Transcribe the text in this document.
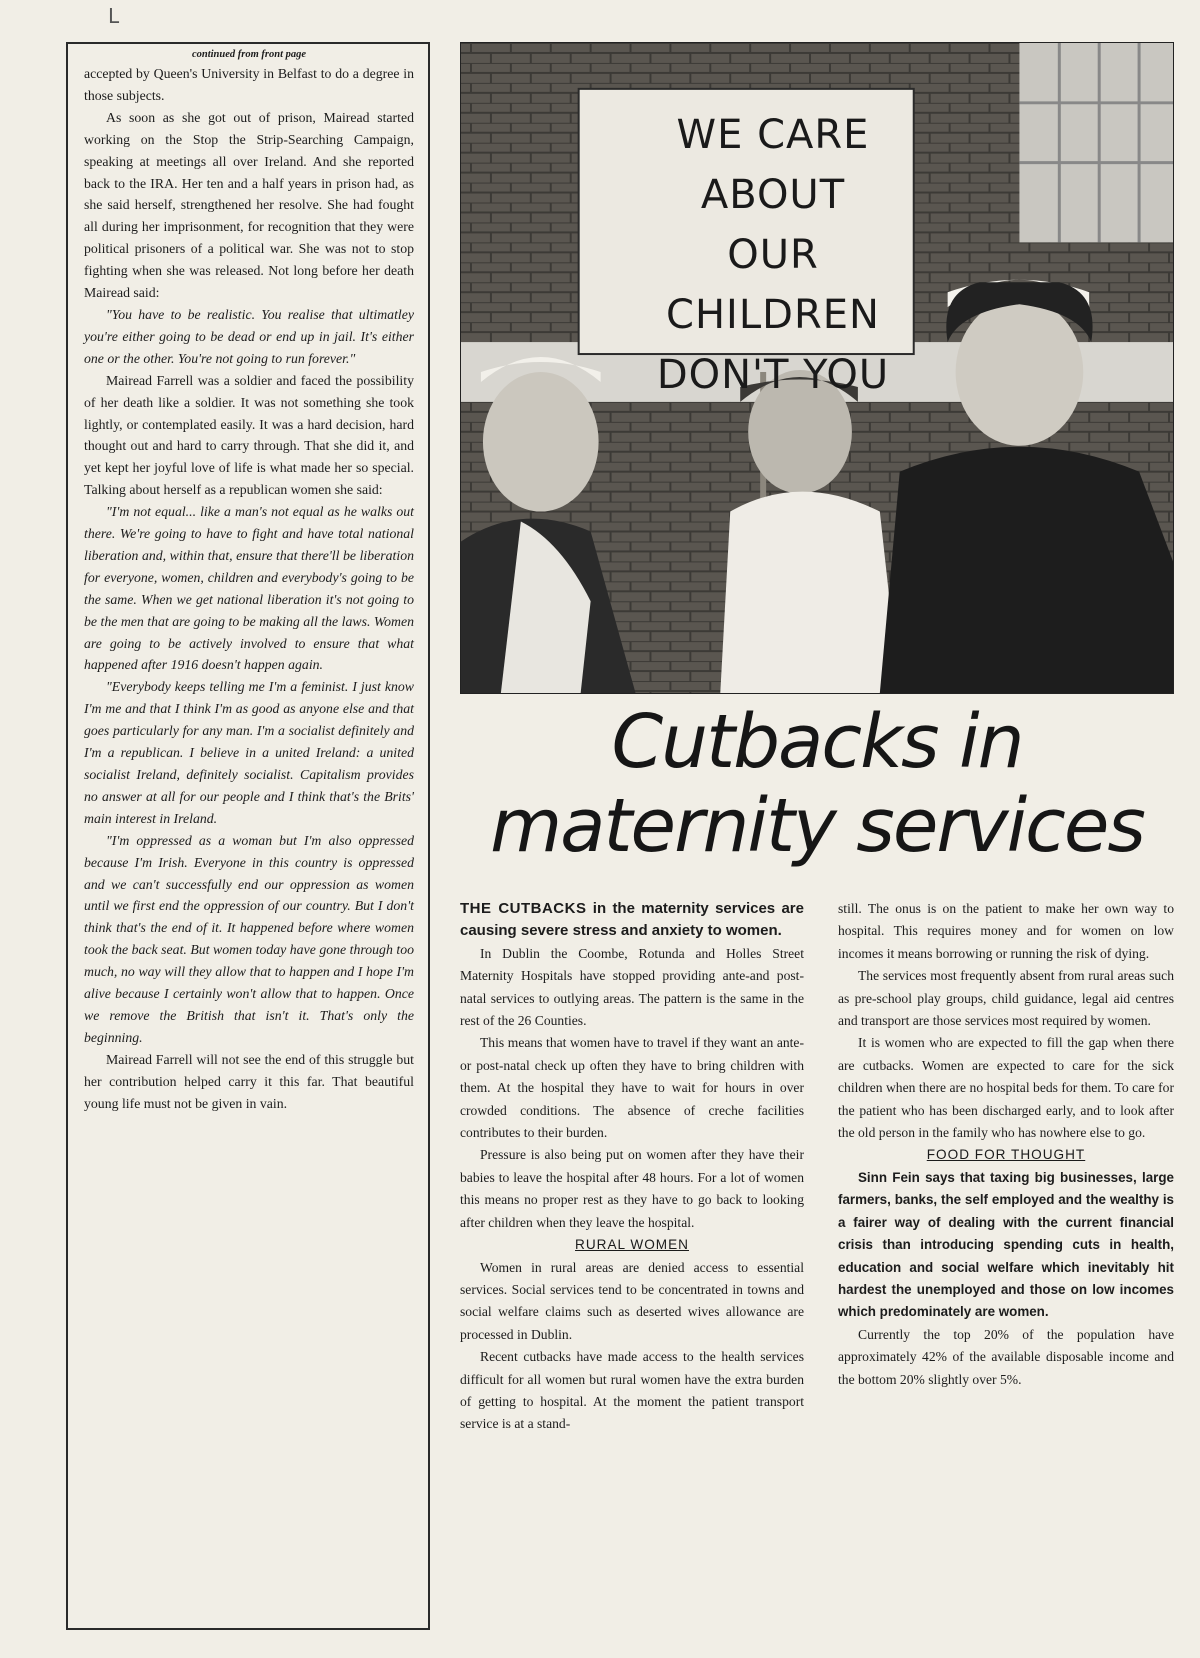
L
continued from front page

accepted by Queen's University in Belfast to do a degree in those subjects.

As soon as she got out of prison, Mairead started working on the Stop the Strip-Searching Campaign, speaking at meetings all over Ireland. And she reported back to the IRA. Her ten and a half years in prison had, as she said herself, strengthened her resolve. She had fought all during her imprisonment, for recognition that they were political prisoners of a political war. She was not to stop fighting when she was released. Not long before her death Mairead said:

"You have to be realistic. You realise that ultimatley you're either going to be dead or end up in jail. It's either one or the other. You're not going to run forever."

Mairead Farrell was a soldier and faced the possibility of her death like a soldier. It was not something she took lightly, or contemplated easily. It was a hard decision, hard thought out and hard to carry through. That she did it, and yet kept her joyful love of life is what made her so special. Talking about herself as a republican women she said:

"I'm not equal... like a man's not equal as he walks out there. We're going to have to fight and have total national liberation and, within that, ensure that there'll be liberation for everyone, women, children and everybody's going to be the same. When we get national liberation it's not going to be the men that are going to be making all the laws. Women are going to be actively involved to ensure that what happened after 1916 doesn't happen again.

"Everybody keeps telling me I'm a feminist. I just know I'm me and that I think I'm as good as anyone else and that goes particularly for any man. I'm a socialist definitely and I'm a republican. I believe in a united Ireland: a united socialist Ireland, definitely socialist. Capitalism provides no answer at all for our people and I think that's the Brits' main interest in Ireland.

"I'm oppressed as a woman but I'm also oppressed because I'm Irish. Everyone in this country is oppressed and we can't successfully end our oppression as women until we first end the oppression of our country. But I don't think that's the end of it. It happened before where women took the back seat. But women today have gone through too much, no way will they allow that to happen and I hope I'm alive because I certainly won't allow that to happen. Once we remove the British that isn't it. That's only the beginning.

Mairead Farrell will not see the end of this struggle but her contribution helped carry it this far. That beautiful young life must not be given in vain.

WE CARE ABOUT
OUR CHILDREN
DON'T YOU
Cutbacks in
maternity services

THE CUTBACKS in the maternity services are causing severe stress and anxiety to women.

In Dublin the Coombe, Rotunda and Holles Street Maternity Hospitals have stopped providing ante-and post-natal services to outlying areas. The pattern is the same in the rest of the 26 Counties.

This means that women have to travel if they want an ante-or post-natal check up often they have to bring children with them. At the hospital they have to wait for hours in over crowded conditions. The absence of creche facilities contributes to their burden.

Pressure is also being put on women after they have their babies to leave the hospital after 48 hours. For a lot of women this means no proper rest as they have to go back to looking after children when they leave the hospital.

RURAL WOMEN

Women in rural areas are denied access to essential services. Social services tend to be concentrated in towns and social welfare claims such as deserted wives allowance are processed in Dublin.

Recent cutbacks have made access to the health services difficult for all women but rural women have the extra burden of getting to hospital. At the moment the patient transport service is at a stand-

still. The onus is on the patient to make her own way to hospital. This requires money and for women on low incomes it means borrowing or running the risk of dying.

The services most frequently absent from rural areas such as pre-school play groups, child guidance, legal aid centres and transport are those services most required by women.

It is women who are expected to fill the gap when there are cutbacks. Women are expected to care for the sick children when there are no hospital beds for them. To care for the patient who has been discharged early, and to look after the old person in the family who has nowhere else to go.

FOOD FOR THOUGHT

Sinn Fein says that taxing big businesses, large farmers, banks, the self employed and the wealthy is a fairer way of dealing with the current financial crisis than introducing spending cuts in health, education and social welfare which inevitably hit hardest the unemployed and those on low incomes which predominately are women.

Currently the top 20% of the population have approximately 42% of the available disposable income and the bottom 20% slightly over 5%.
